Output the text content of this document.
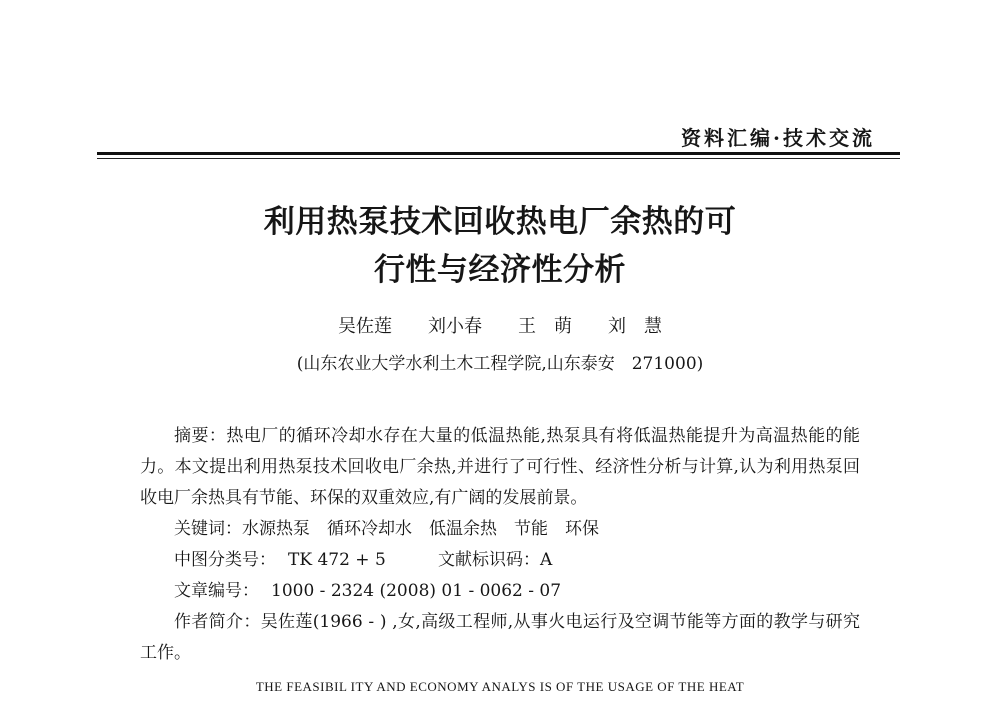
资料汇编·技术交流
利用热泵技术回收热电厂余热的可
行性与经济性分析
吴佐莲　　刘小春　　王　萌　　刘　慧
(山东农业大学水利土木工程学院,山东泰安　271000)

摘要：热电厂的循环冷却水存在大量的低温热能,热泵具有将低温热能提升为高温热能的能力。本文提出利用热泵技术回收电厂余热,并进行了可行性、经济性分析与计算,认为利用热泵回收电厂余热具有节能、环保的双重效应,有广阔的发展前景。

关键词：水源热泵 循环冷却水 低温余热 节能 环保

中图分类号： TK 472 + 5	文献标识码：A

文章编号： 1000 - 2324 (2008) 01 - 0062 - 07

作者简介：吴佐莲(1966 - ) ,女,高级工程师,从事火电运行及空调节能等方面的教学与研究工作。

THE FEASIBIL ITY AND ECONOMY ANALYS IS OF THE USAGE OF THE HEAT
